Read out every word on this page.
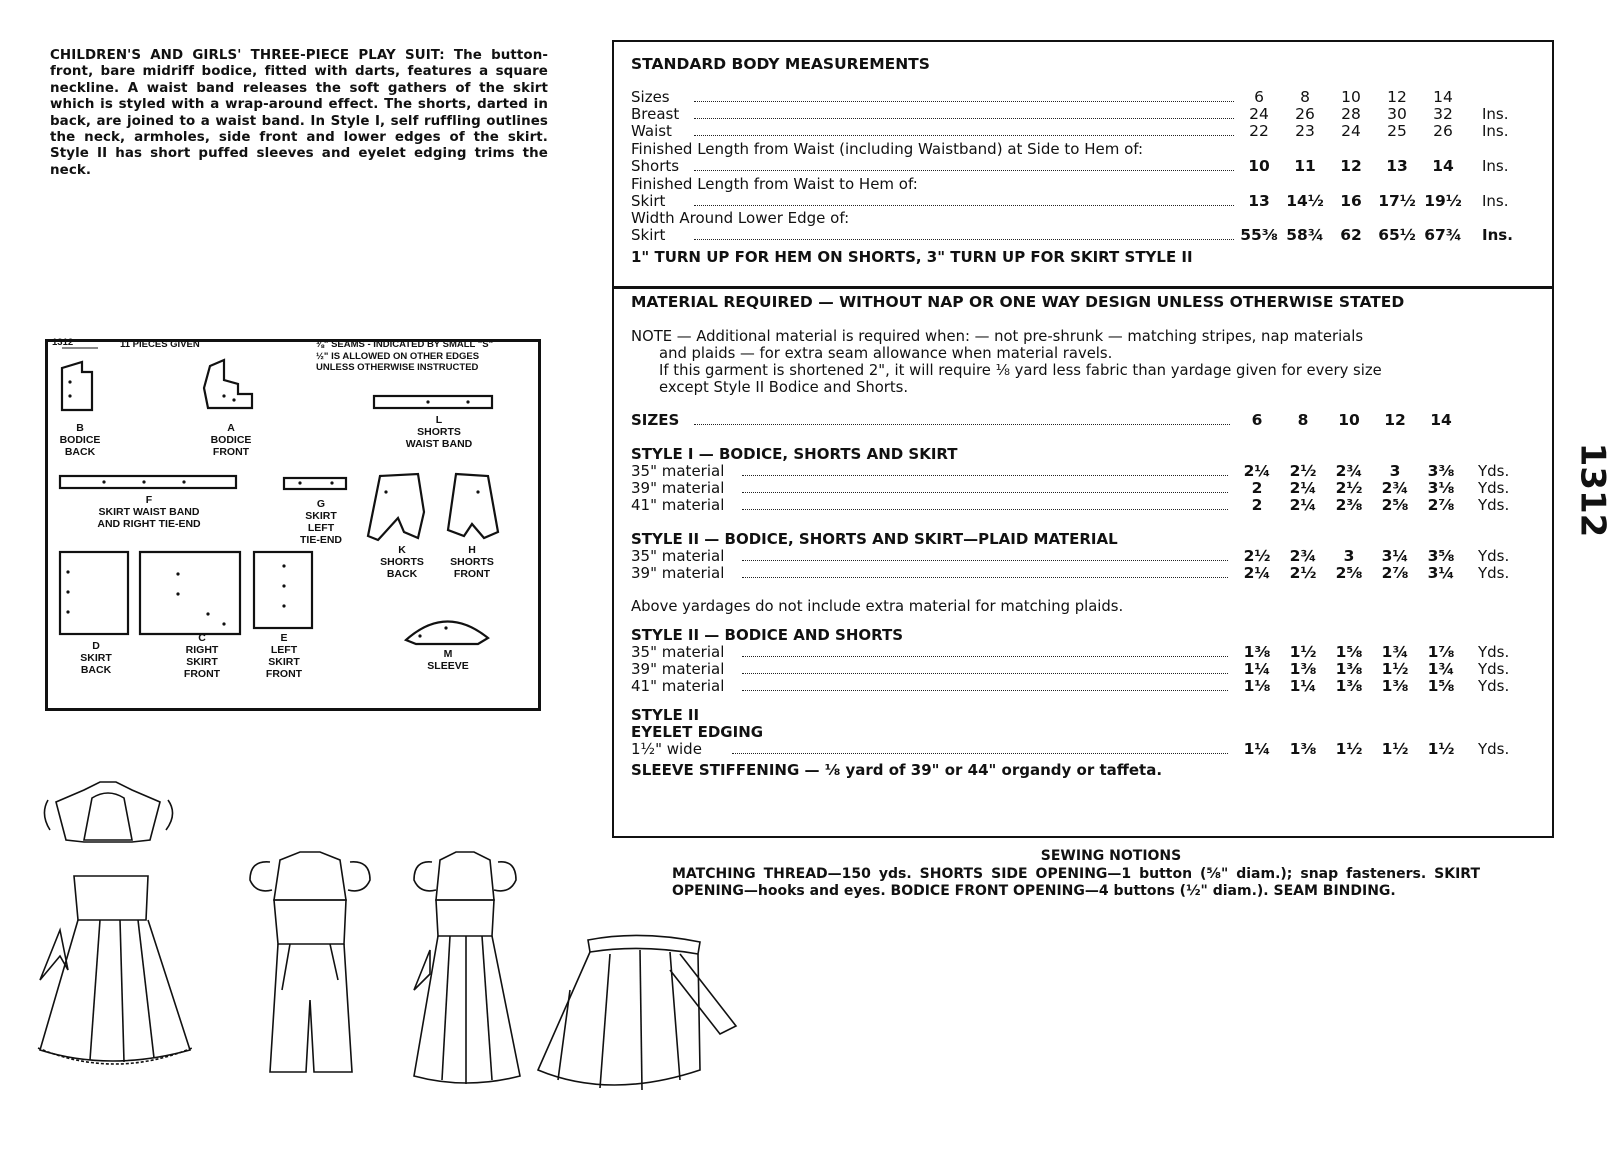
CHILDREN'S AND GIRLS' THREE-PIECE PLAY SUIT: The button-front, bare midriff bodice, fitted with darts, features a square neckline. A waist band releases the soft gathers of the skirt which is styled with a wrap-around effect. The shorts, darted in back, are joined to a waist band. In Style I, self ruffling outlines the neck, armholes, side front and lower edges of the skirt. Style II has short puffed sleeves and eyelet edging trims the neck.
1312	11 PIECES GIVEN	⅜" SEAMS - INDICATED BY SMALL "S"
½" IS ALLOWED ON OTHER EDGES
UNLESS OTHERWISE INSTRUCTED
B
BODICE
BACK
A
BODICE
FRONT
L
SHORTS
WAIST BAND
F
SKIRT WAIST BAND
AND RIGHT TIE-END
G
SKIRT
LEFT
TIE-END
K
SHORTS
BACK
H
SHORTS
FRONT
D
SKIRT
BACK
C
RIGHT
SKIRT
FRONT
E
LEFT
SKIRT
FRONT
M
SLEEVE
STANDARD BODY MEASUREMENTS
Sizes	6	8	10	12	14
Breast	24	26	28	30	32	Ins.
Waist	22	23	24	25	26	Ins.
Finished Length from Waist (including Waistband) at Side to Hem of:
Shorts	10	11	12	13	14	Ins.
Finished Length from Waist to Hem of:
Skirt	13	14½	16	17½ 19½ Ins.
Width Around Lower Edge of:
Skirt	55⅜ 58¾	62	65½ 67¾ Ins.
1" TURN UP FOR HEM ON SHORTS, 3" TURN UP FOR SKIRT STYLE II
MATERIAL REQUIRED — WITHOUT NAP OR ONE WAY DESIGN UNLESS OTHERWISE STATED
NOTE — Additional material is required when: — not pre-shrunk — matching stripes, nap materials
and plaids — for extra seam allowance when material ravels.
If this garment is shortened 2", it will require ⅛ yard less fabric than yardage given for every size
except Style II Bodice and Shorts.
SIZES	6	8	10	12	14
STYLE I — BODICE, SHORTS AND SKIRT
35" material	2¼	2½	2¾	3	3⅜	Yds.
39" material	2	2¼	2½	2¾	3⅛	Yds.
41" material	2	2¼	2⅜	2⅝	2⅞	Yds.
STYLE II — BODICE, SHORTS AND SKIRT—PLAID MATERIAL
35" material	2½	2¾	3	3¼	3⅝	Yds.
39" material	2¼	2½	2⅝	2⅞	3¼	Yds.
Above yardages do not include extra material for matching plaids.
STYLE II — BODICE AND SHORTS
35" material	1⅜	1½	1⅝	1¾	1⅞	Yds.
39" material	1¼	1⅜	1⅜	1½	1¾	Yds.
41" material	1⅛	1¼	1⅜	1⅜	1⅝	Yds.
STYLE II
EYELET EDGING
1½" wide	1¼	1⅜	1½	1½	1½	Yds.
SLEEVE STIFFENING — ⅛ yard of 39" or 44" organdy or taffeta.
1312
SEWING NOTIONS
MATCHING THREAD—150 yds. SHORTS SIDE OPENING—1 button (⅝" diam.); snap fasteners. SKIRT OPENING—hooks and eyes. BODICE FRONT OPENING—4 buttons (½" diam.). SEAM BINDING.
